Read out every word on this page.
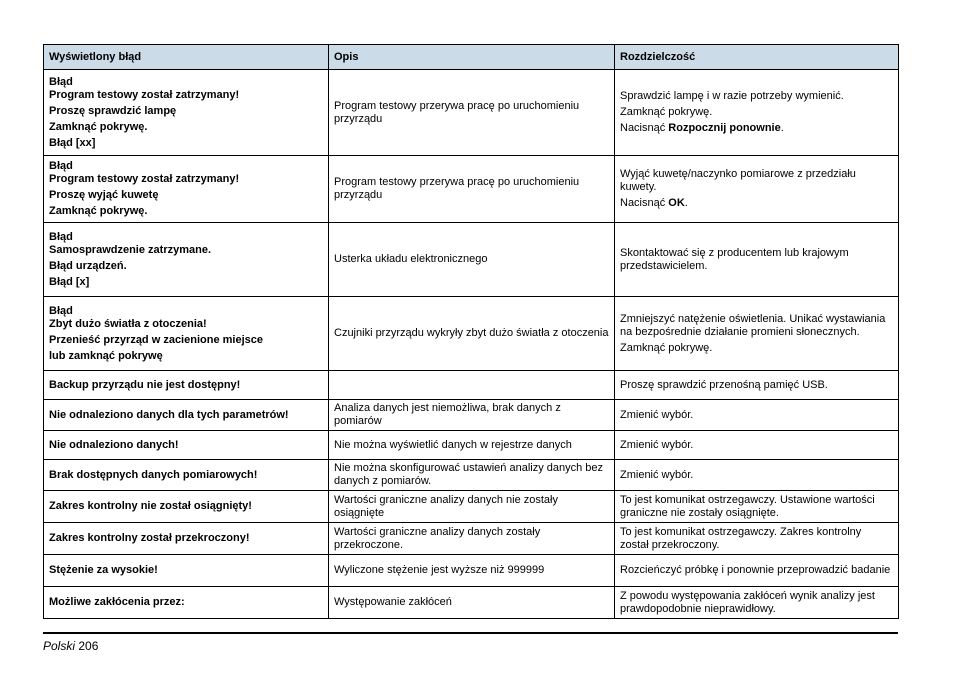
Wyświetlony błąd	Opis	Rozdzielczość

Błąd
Program testowy został zatrzymany!
Proszę sprawdzić lampę
Zamknąć pokrywę.
Błąd [xx]	Program testowy przerywa pracę po uruchomieniu przyrządu	Sprawdzić lampę i w razie potrzeby wymienić.
Zamknąć pokrywę.
Nacisnąć Rozpocznij ponownie.

Błąd
Program testowy został zatrzymany!
Proszę wyjąć kuwetę
Zamknąć pokrywę.	Program testowy przerywa pracę po uruchomieniu przyrządu	Wyjąć kuwetę/naczynko pomiarowe z przedziału kuwety.
Nacisnąć OK.

Błąd
Samosprawdzenie zatrzymane.
Błąd urządzeń.
Błąd [x]	Usterka układu elektronicznego	Skontaktować się z producentem lub krajowym przedstawicielem.

Błąd
Zbyt dużo światła z otoczenia!
Przenieść przyrząd w zacienione miejsce
lub zamknąć pokrywę	Czujniki przyrządu wykryły zbyt dużo światła z otoczenia	Zmniejszyć natężenie oświetlenia. Unikać wystawiania na bezpośrednie działanie promieni słonecznych.
Zamknąć pokrywę.

Backup przyrządu nie jest dostępny!		Proszę sprawdzić przenośną pamięć USB.

Nie odnaleziono danych dla tych parametrów!	Analiza danych jest niemożliwa, brak danych z pomiarów	Zmienić wybór.

Nie odnaleziono danych!	Nie można wyświetlić danych w rejestrze danych	Zmienić wybór.

Brak dostępnych danych pomiarowych!	Nie można skonfigurować ustawień analizy danych bez danych z pomiarów.	Zmienić wybór.

Zakres kontrolny nie został osiągnięty!	Wartości graniczne analizy danych nie zostały osiągnięte	To jest komunikat ostrzegawczy. Ustawione wartości graniczne nie zostały osiągnięte.

Zakres kontrolny został przekroczony!	Wartości graniczne analizy danych zostały przekroczone.	To jest komunikat ostrzegawczy. Zakres kontrolny został przekroczony.

Stężenie za wysokie!	Wyliczone stężenie jest wyższe niż 999999	Rozcieńczyć próbkę i ponownie przeprowadzić badanie

Możliwe zakłócenia przez:	Występowanie zakłóceń	Z powodu występowania zakłóceń wynik analizy jest prawdopodobnie nieprawidłowy.
Polski 206
